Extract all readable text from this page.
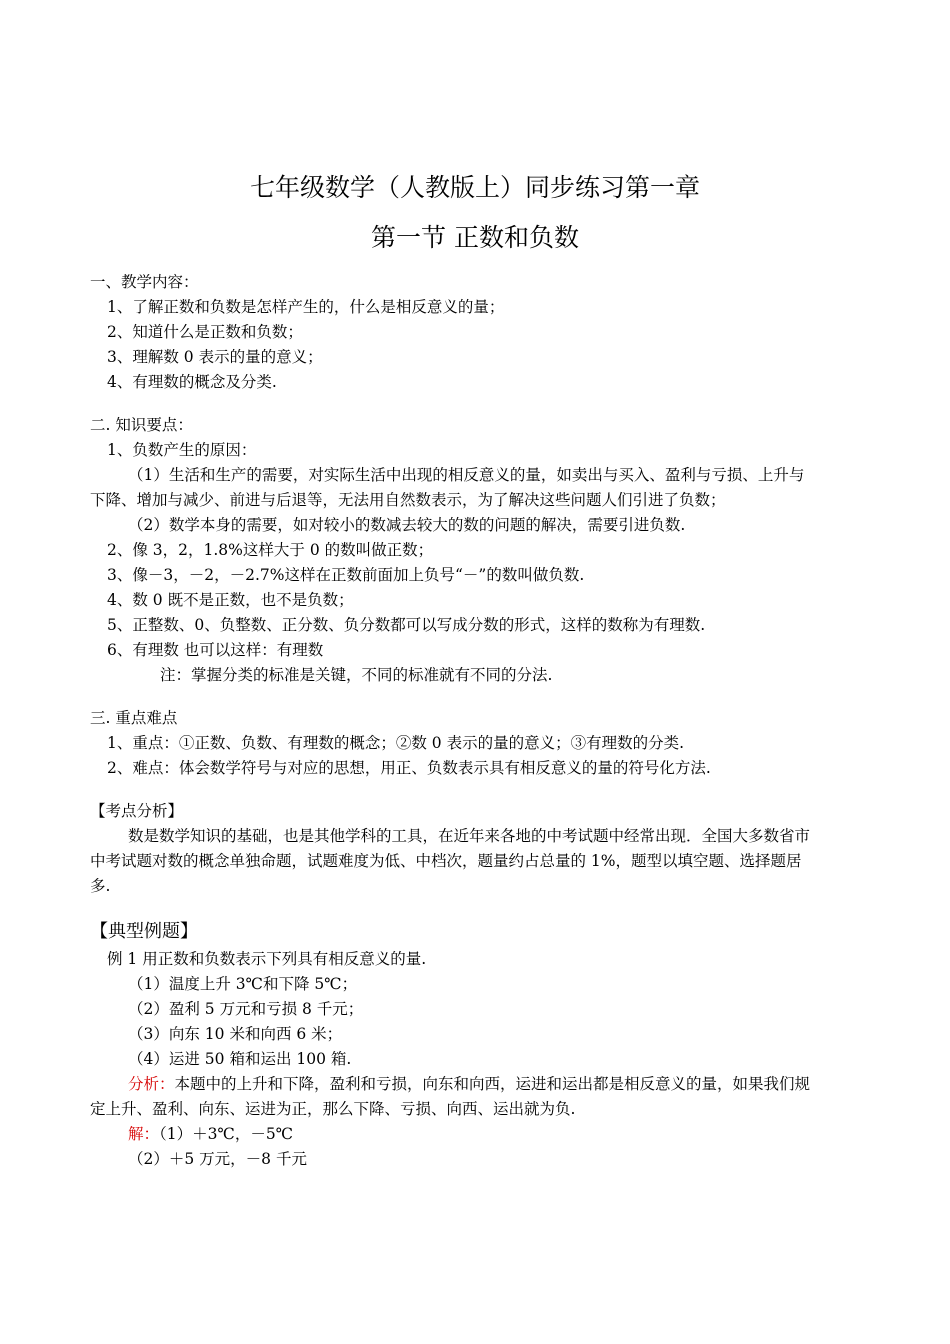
七年级数学（人教版上）同步练习第一章
第一节 正数和负数
一、教学内容：
1、了解正数和负数是怎样产生的，什么是相反意义的量；
2、知道什么是正数和负数；
3、理解数 0 表示的量的意义；
4、有理数的概念及分类.
二. 知识要点：
1、负数产生的原因：
（1）生活和生产的需要，对实际生活中出现的相反意义的量，如卖出与买入、盈利与亏损、上升与
下降、增加与减少、前进与后退等，无法用自然数表示，为了解决这些问题人们引进了负数；
（2）数学本身的需要，如对较小的数减去较大的数的问题的解决，需要引进负数.
2、像 3，2，1.8%这样大于 0 的数叫做正数；
3、像－3，－2，－2.7%这样在正数前面加上负号“－”的数叫做负数.
4、数 0 既不是正数，也不是负数；
5、正整数、0、负整数、正分数、负分数都可以写成分数的形式，这样的数称为有理数.
6、有理数 也可以这样：有理数
注：掌握分类的标准是关键，不同的标准就有不同的分法.
三. 重点难点
1、重点：①正数、负数、有理数的概念；②数 0 表示的量的意义；③有理数的分类.
2、难点：体会数学符号与对应的思想，用正、负数表示具有相反意义的量的符号化方法.
【考点分析】
数是数学知识的基础，也是其他学科的工具，在近年来各地的中考试题中经常出现．全国大多数省市
中考试题对数的概念单独命题，试题难度为低、中档次，题量约占总量的 1%，题型以填空题、选择题居
多.
【典型例题】
例 1 用正数和负数表示下列具有相反意义的量.
（1）温度上升 3℃和下降 5℃；
（2）盈利 5 万元和亏损 8 千元；
（3）向东 10 米和向西 6 米；
（4）运进 50 箱和运出 100 箱.
分析：本题中的上升和下降，盈利和亏损，向东和向西，运进和运出都是相反意义的量，如果我们规
定上升、盈利、向东、运进为正，那么下降、亏损、向西、运出就为负.
解：（1）＋3℃，－5℃
（2）＋5 万元，－8 千元
